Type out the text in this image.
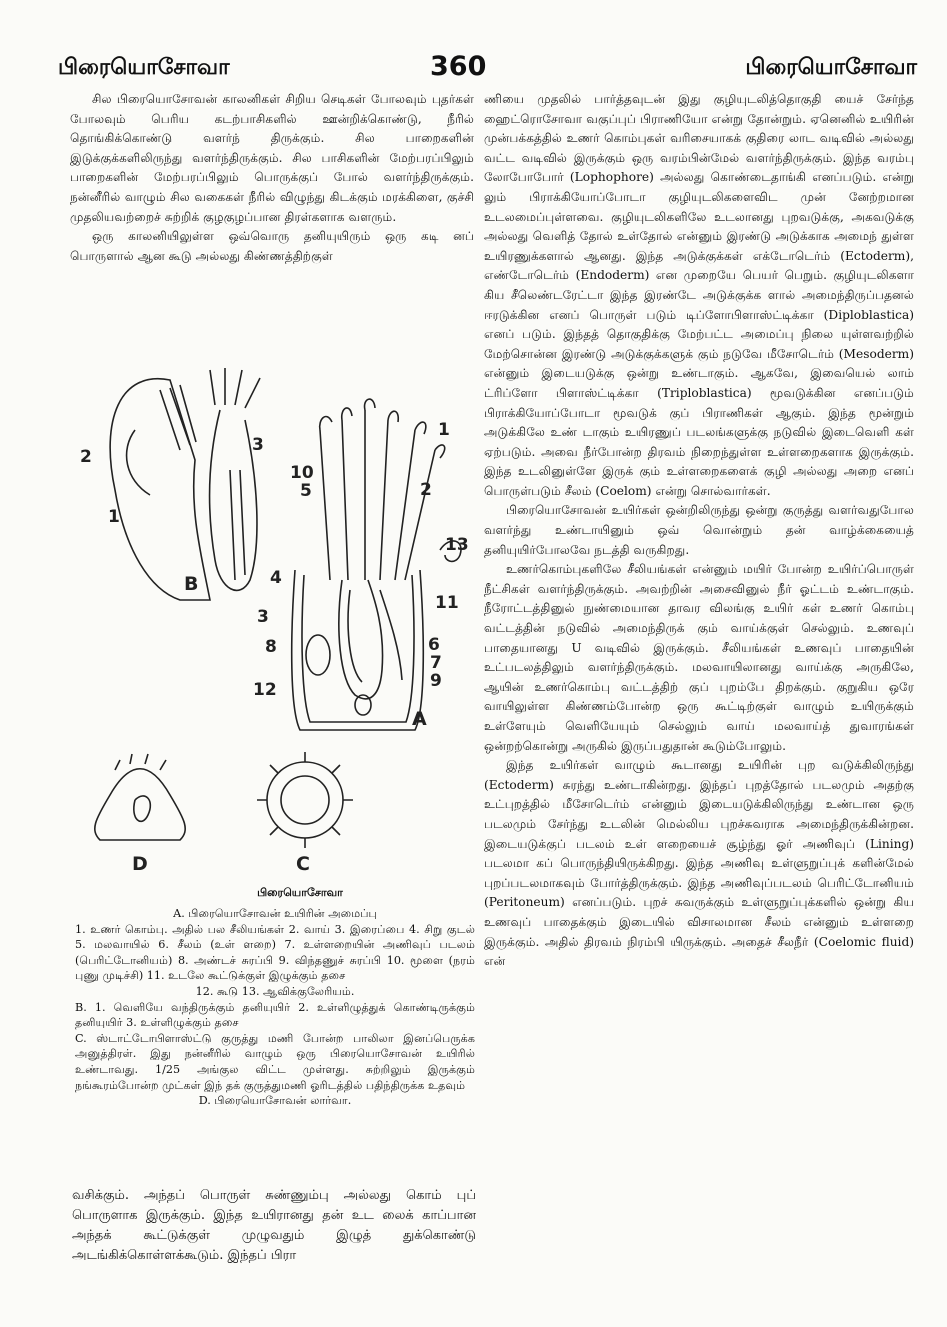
பிரையொசோவா	360	பிரையொசோவா

சில பிரையொசோவன் காலனிகள் சிறிய செடிகள் போலவும் புதர்கள் போலவும் பெரிய கடற்பாசிகளில் ஊன்றிக்கொண்டு, நீரில் தொங்கிக்கொண்டு வளர்ந் திருக்கும். சில பாறைகளின் இடுக்குக்களிலிருந்து வளர்ந்திருக்கும். சில பாசிகளின் மேற்பரப்பிலும் பாறைகளின் மேற்பரப்பிலும் பொருக்குப் போல் வளர்ந்திருக்கும். நன்னீரில் வாழும் சில வகைகள் நீரில் விழுந்து கிடக்கும் மரக்கிளை, குச்சி முதலியவற்றைச் சுற்றிக் குழகுழப்பான திரள்களாக வளரும்.

ஒரு காலனியிலுள்ள ஒவ்வொரு தனியுயிரும் ஒரு கடி னப் பொருளால் ஆன கூடு அல்லது கிண்ணத்திற்குள்

1
2
3
4
5
6
7
8
9
10
11
12
13
A
B
C
D
2
1
3
பிரையொசோவா

A. பிரையொசோவன் உயிரின் அமைப்பு

1. உணர் கொம்பு. அதில் பல சீலியங்கள் 2. வாய் 3. இரைப்பை 4. சிறு குடல் 5. மலவாயில் 6. சீலம் (உள் ளறை) 7. உள்ளறையின் அணிவுப் படலம் (பெரிட்டோனியம்) 8. அண்டச் சுரப்பி 9. விந்தணுச் சுரப்பி 10. மூளை (நரம் புணு முடிச்சி) 11. உடலே கூட்டுக்குள் இழுக்கும் தசை

12. கூடு 13. ஆவிக்குலேரியம்.

B. 1. வெளியே வந்திருக்கும் தனியுயிர் 2. உள்ளிழுத்துக் கொண்டிருக்கும் தனியுயிர் 3. உள்ளிழுக்கும் தசை

C. ஸ்டாட்டோபிளாஸ்ட்டு குருத்து மணி போன்ற பாலிலா இனப்பெருக்க அனுத்திரள். இது நன்னீரில் வாழும் ஒரு பிரையொசோவன் உயிரில் உண்டாவது. 1/25 அங்குல விட்ட முள்ளது. சுற்றிலும் இருக்கும் நங்கூரம்போன்ற முட்கள் இந் தக் குருத்துமணி ஓரிடத்தில் பதிந்திருக்க உதவும்

D. பிரையொசோவன் லார்வா.

வசிக்கும். அந்தப் பொருள் சுண்ணும்பு அல்லது கொம் புப் பொருளாக இருக்கும். இந்த உயிரானது தன் உட லைக் காப்பான அந்தக் கூட்டுக்குள் முழுவதும் இழுத் துக்கொண்டு அடங்கிக்கொள்ளக்கூடும். இந்தப் பிரா

ணியை முதலில் பார்த்தவுடன் இது குழியுடலித்தொகுதி யைச் சேர்ந்த ஹைட்ரொசோவா வகுப்புப் பிராணியோ என்று தோன்றும். ஏனெனில் உயிரின் முன்பக்கத்தில் உணர் கொம்புகள் வரிசையாகக் குதிரை லாட வடிவில் அல்லது வட்ட வடிவில் இருக்கும் ஒரு வரம்பின்மேல் வளர்ந்திருக்கும். இந்த வரம்பு லோபோபோர் (Lophophore) அல்லது கொண்டைதாங்கி எனப்படும். என்று லும் பிராக்கியோப்போடா குழியுடலிகளைவிட முன் னேற்றமான உடலமைப்புள்ளவை. குழியுடலிகளிலே உடலானது புறவடுக்கு, அகவடுக்கு அல்லது வெளித் தோல் உள்தோல் என்னும் இரண்டு அடுக்காக அமைந் துள்ள உயிரணுக்களால் ஆனது. இந்த அடுக்குக்கள் எக்டோடெர்ம் (Ectoderm), எண்டோடெர்ம் (Endoderm) என முறையே பெயர் பெறும். குழியுடலிகளா கிய சீலெண்டரேட்டா இந்த இரண்டே அடுக்குக்க ளால் அமைந்திருப்பதனல் ஈரடுக்கின எனப் பொருள் படும் டிப்ளோபிளாஸ்ட்டிக்கா (Diploblastica) எனப் படும். இந்தத் தொகுதிக்கு மேற்பட்ட அமைப்பு நிலை யுள்ளவற்றில் மேற்சொன்ன இரண்டு அடுக்குக்களுக் கும் நடுவே மீசோடெர்ம் (Mesoderm) என்னும் இடையடுக்கு ஒன்று உண்டாகும். ஆகவே, இவையெல் லாம் ட்ரிப்ளோ பிளாஸ்ட்டிக்கா (Triploblastica) மூவடுக்கின எனப்படும் பிராக்கியோப்போடா மூவடுக் குப் பிராணிகள் ஆகும். இந்த மூன்றும் அடுக்கிலே உண் டாகும் உயிரணுப் படலங்களுக்கு நடுவில் இடைவெளி கள் ஏற்படும். அவை நீர்போன்ற திரவம் நிறைந்துள்ள உள்ளறைகளாக இருக்கும். இந்த உடலினுள்ளே இருக் கும் உள்ளறைகளைக் குழி அல்லது அறை எனப் பொருள்படும் சீலம் (Coelom) என்று சொல்வார்கள்.

பிரையொசோவன் உயிர்கள் ஒன்றிலிருந்து ஒன்று குருத்து வளர்வதுபோல வளர்ந்து உண்டாயினும் ஒவ் வொன்றும் தன் வாழ்க்கையைத் தனியுயிர்போலவே நடத்தி வருகிறது.

உணர்கொம்புகளிலே சீலியங்கள் என்னும் மயிர் போன்ற உயிர்ப்பொருள் நீட்சிகள் வளர்ந்திருக்கும். அவற்றின் அசைவினுல் நீர் ஓட்டம் உண்டாகும். நீரோட்டத்தினுல் நுண்மையான தாவர விலங்கு உயிர் கள் உணர் கொம்பு வட்டத்தின் நடுவில் அமைந்திருக் கும் வாய்க்குள் செல்லும். உணவுப் பாதையானது U வடிவில் இருக்கும். சீலியங்கள் உணவுப் பாதையின் உட்படலத்திலும் வளர்ந்திருக்கும். மலவாயிலானது வாய்க்கு அருகிலே, ஆயின் உணர்கொம்பு வட்டத்திற் குப் புறம்பே திறக்கும். குறுகிய ஒரே வாயிலுள்ள கிண்ணம்போன்ற ஒரு கூட்டிற்குள் வாழும் உயிருக்கும் உள்ளேயும் வெளியேயும் செல்லும் வாய் மலவாய்த் துவாரங்கள் ஒன்றற்கொன்று அருகில் இருப்பதுதான் கூடும்போலும்.

இந்த உயிர்கள் வாழும் கூடானது உயிரின் புற வடுக்கிலிருந்து (Ectoderm) சுரந்து உண்டாகின்றது. இந்தப் புறத்தோல் படலமும் அதற்கு உட்புறத்தில் மீசோடெர்ம் என்னும் இடையடுக்கிலிருந்து உண்டான ஒரு படலமும் சேர்ந்து உடலின் மெல்லிய புறச்சுவராக அமைந்திருக்கின்றன. இடையடுக்குப் படலம் உள் ளறையைச் சூழ்ந்து ஓர் அணிவுப் (Lining) படலமா கப் பொருந்தியிருக்கிறது. இந்த அணிவு உள்ளுறுப்புக் களின்மேல் புறப்படலமாகவும் போர்த்திருக்கும். இந்த அணிவுப்படலம் பெரிட்டோனியம் (Peritoneum) எனப்படும். புறச் சுவருக்கும் உள்ளுறுப்புக்களில் ஒன்று கிய உணவுப் பாதைக்கும் இடையில் விசாலமான சீலம் என்னும் உள்ளறை இருக்கும். அதில் திரவம் நிரம்பி யிருக்கும். அதைச் சீலநீர் (Coelomic fluid) என்
